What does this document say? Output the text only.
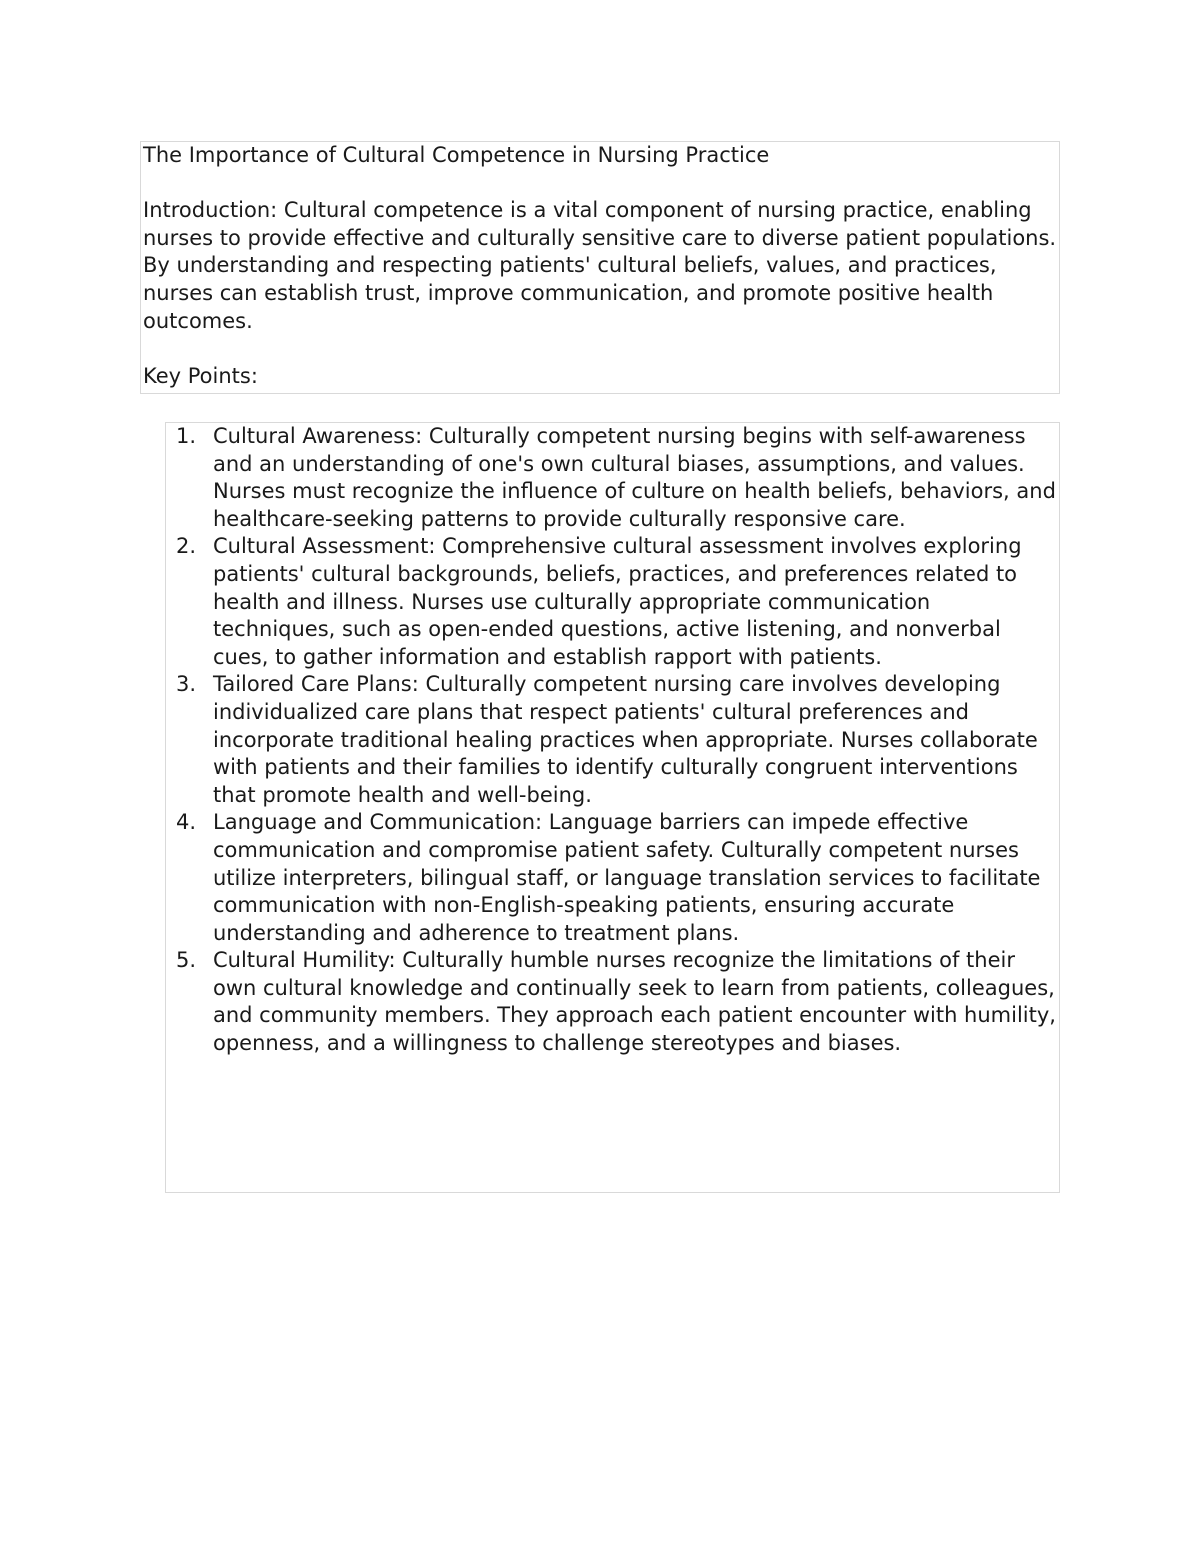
The Importance of Cultural Competence in Nursing Practice

Introduction: Cultural competence is a vital component of nursing practice, enabling nurses to provide effective and culturally sensitive care to diverse patient populations. By understanding and respecting patients' cultural beliefs, values, and practices, nurses can establish trust, improve communication, and promote positive health outcomes.

Key Points:

1. Cultural Awareness: Culturally competent nursing begins with self-awareness and an understanding of one's own cultural biases, assumptions, and values. Nurses must recognize the influence of culture on health beliefs, behaviors, and healthcare-seeking patterns to provide culturally responsive care.
2. Cultural Assessment: Comprehensive cultural assessment involves exploring patients' cultural backgrounds, beliefs, practices, and preferences related to health and illness. Nurses use culturally appropriate communication techniques, such as open-ended questions, active listening, and nonverbal cues, to gather information and establish rapport with patients.
3. Tailored Care Plans: Culturally competent nursing care involves developing individualized care plans that respect patients' cultural preferences and incorporate traditional healing practices when appropriate. Nurses collaborate with patients and their families to identify culturally congruent interventions that promote health and well-being.
4. Language and Communication: Language barriers can impede effective communication and compromise patient safety. Culturally competent nurses utilize interpreters, bilingual staff, or language translation services to facilitate communication with non-English-speaking patients, ensuring accurate understanding and adherence to treatment plans.
5. Cultural Humility: Culturally humble nurses recognize the limitations of their own cultural knowledge and continually seek to learn from patients, colleagues, and community members. They approach each patient encounter with humility, openness, and a willingness to challenge stereotypes and biases.
